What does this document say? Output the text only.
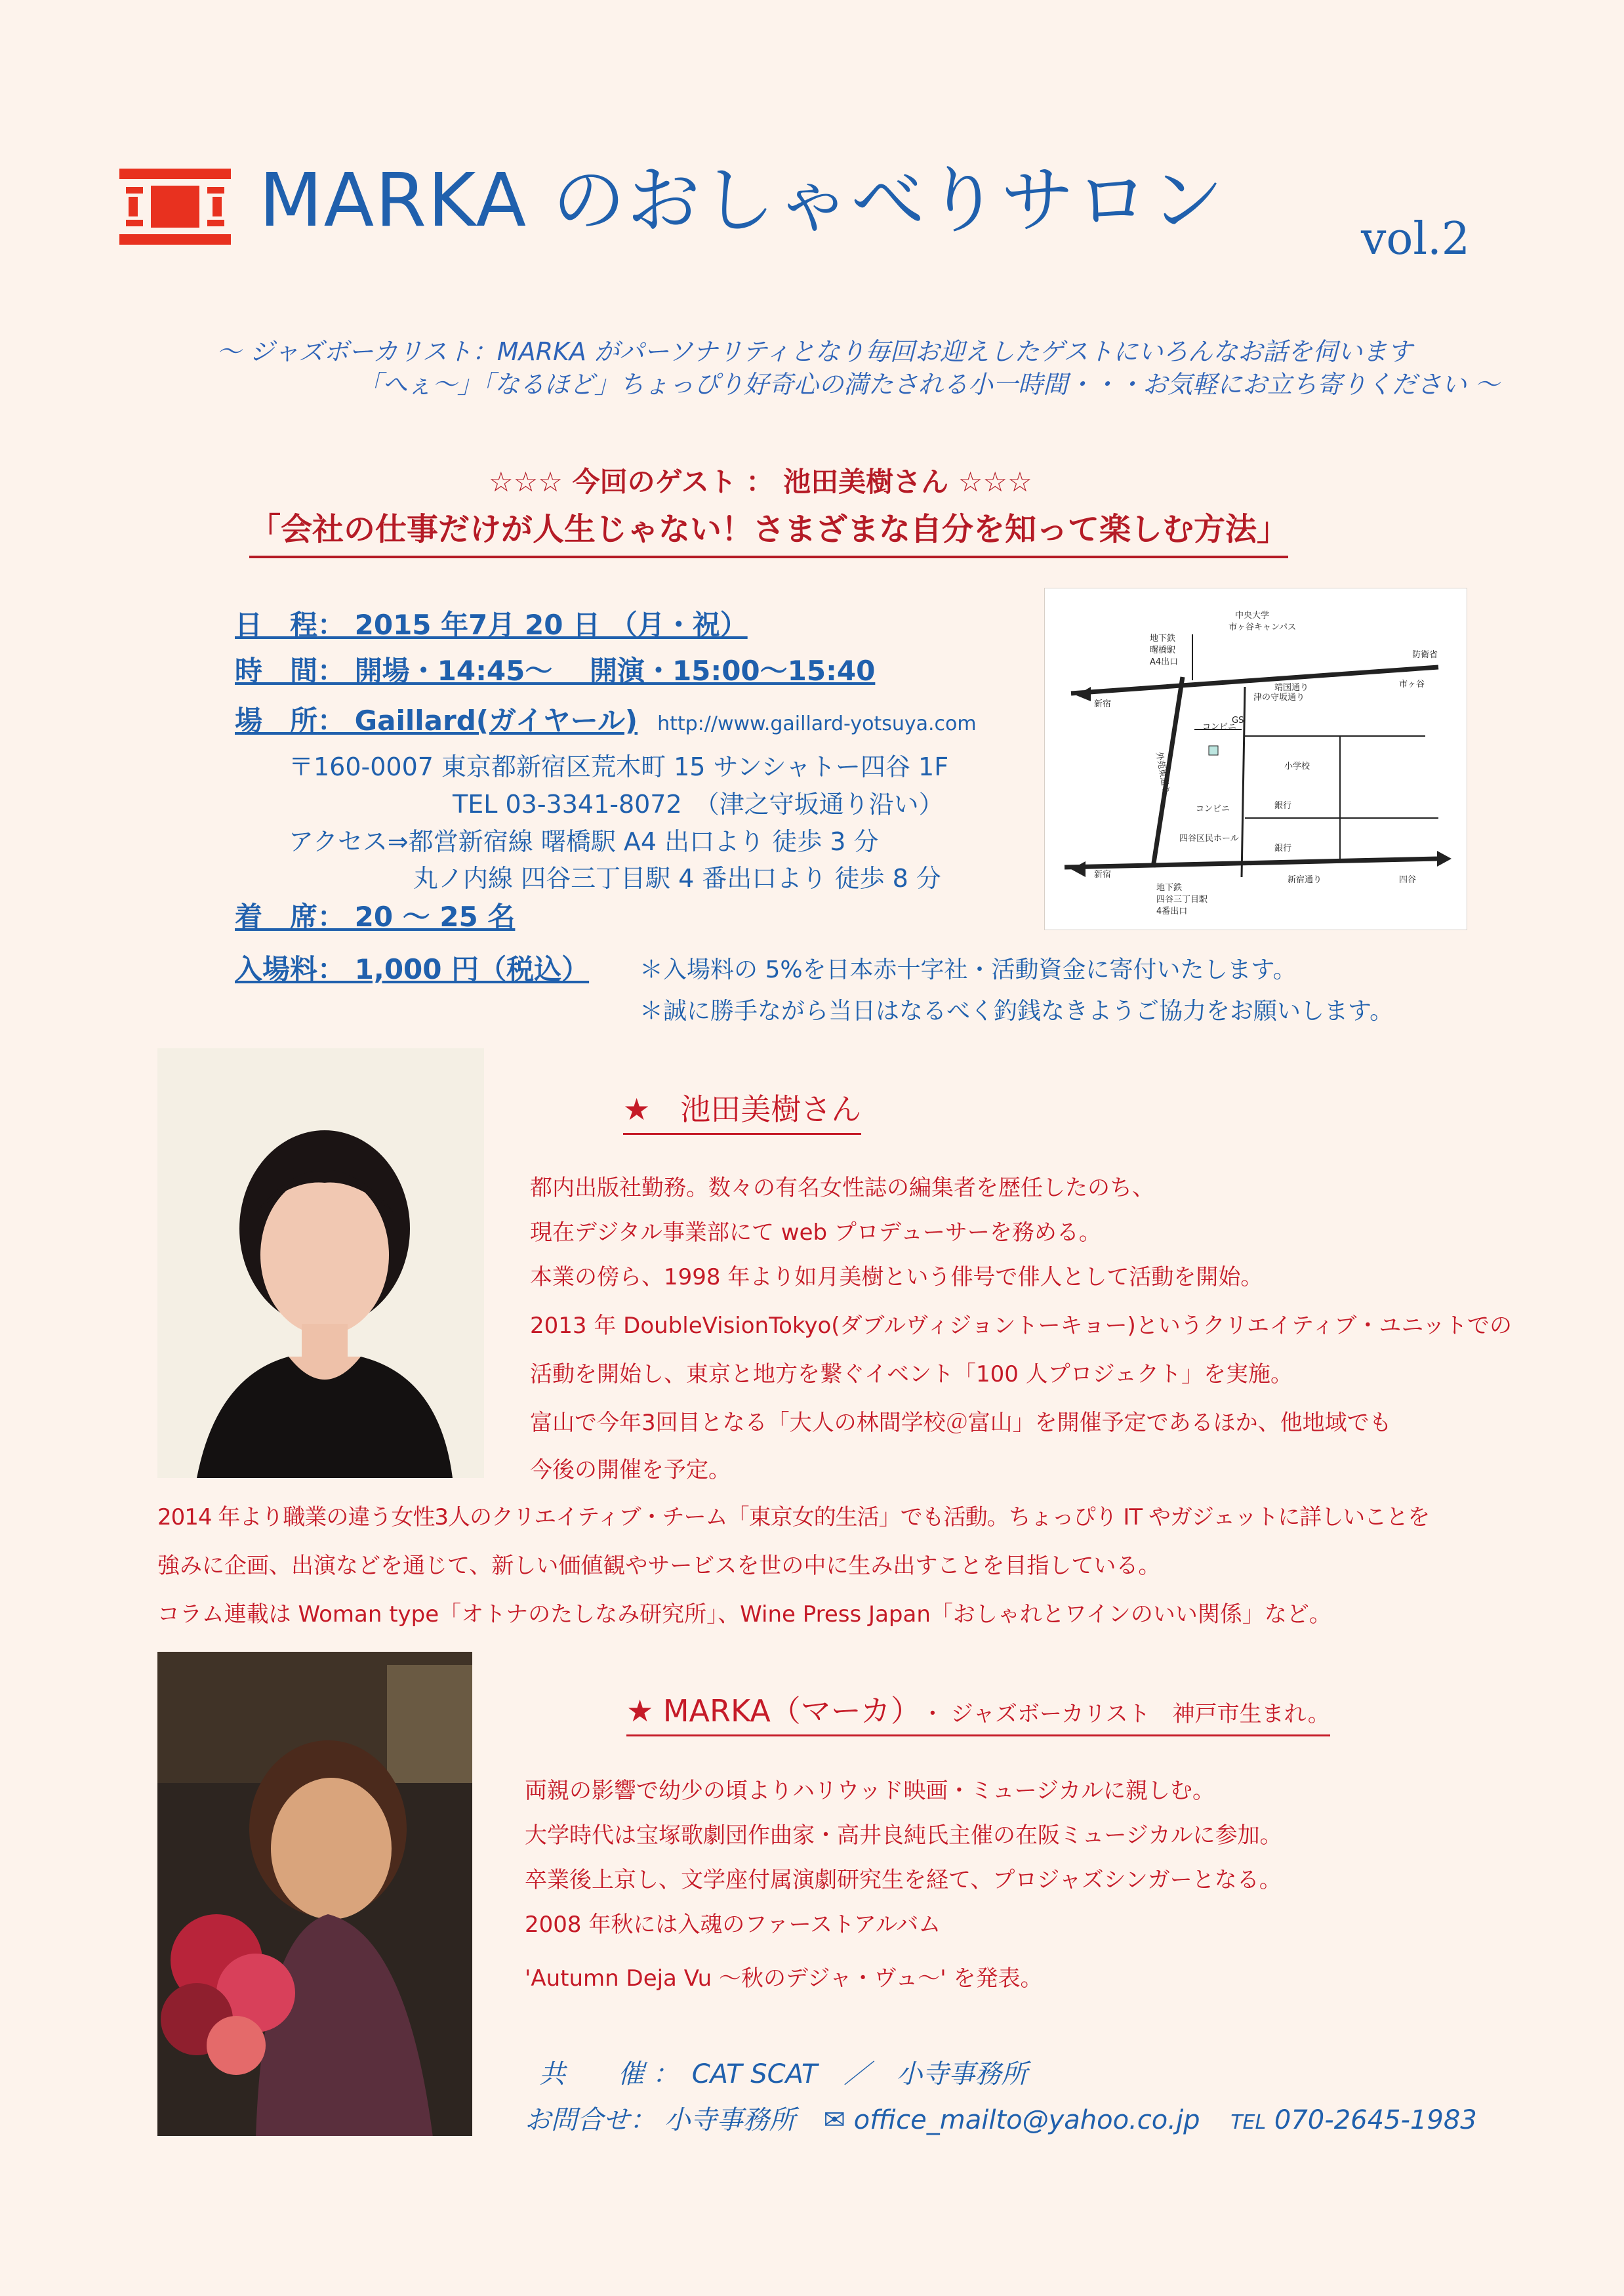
MARKA のおしゃべりサロン	vol.2
～ ジャズボーカリスト：MARKA がパーソナリティとなり毎回お迎えしたゲストにいろんなお話を伺います
「へぇ～」「なるほど」ちょっぴり好奇心の満たされる小一時間・・・お気軽にお立ち寄りください ～
☆☆☆ 今回のゲスト ： 池田美樹さん ☆☆☆
「会社の仕事だけが人生じゃない！さまざまな自分を知って楽しむ方法」
日　程： 2015 年7月 20 日 （月・祝）
時　間： 開場・14:45～　 開演・15:00～15:40
場　所： Gaillard(ガイヤール) http://www.gaillard-yotsuya.com
〒160-0007 東京都新宿区荒木町 15 サンシャトー四谷 1F
TEL 03-3341-8072　（津之守坂通り沿い）
アクセス⇒都営新宿線 曙橋駅 A4 出口より 徒歩 3 分
丸ノ内線 四谷三丁目駅 4 番出口より 徒歩 8 分
着　席： 20 ～ 25 名
入場料： 1,000 円（税込） ＊入場料の 5%を日本赤十字社・活動資金に寄付いたします。
＊誠に勝手ながら当日はなるべく釣銭なきようご協力をお願いします。
地下鉄
曙橋駅
A4出口
中央大学
市ヶ谷キャンパス
防衛省
靖国通り	市ヶ谷
新宿
新宿
外苑東通り
津の守坂通り
GS
コンビニ
コンビニ
小学校
四谷区民ホール
銀行
銀行
新宿通り	四谷
地下鉄
四谷三丁目駅
4番出口
★　池田美樹さん
都内出版社勤務。数々の有名女性誌の編集者を歴任したのち、
現在デジタル事業部にて web プロデューサーを務める。
本業の傍ら、1998 年より如月美樹という俳号で俳人として活動を開始。
2013 年 DoubleVisionTokyo(ダブルヴィジョントーキョー)というクリエイティブ・ユニットでの
活動を開始し、東京と地方を繋ぐイベント「100 人プロジェクト」を実施。
富山で今年3回目となる「大人の林間学校＠富山」を開催予定であるほか、他地域でも
今後の開催を予定。
2014 年より職業の違う女性3人のクリエイティブ・チーム「東京女的生活」でも活動。ちょっぴり IT やガジェットに詳しいことを
強みに企画、出演などを通じて、新しい価値観やサービスを世の中に生み出すことを目指している。
コラム連載は Woman type「オトナのたしなみ研究所」、Wine Press Japan「おしゃれとワインのいい関係」など。
★ MARKA（マーカ） ・ ジャズボーカリスト　神戸市生まれ。
両親の影響で幼少の頃よりハリウッド映画・ミュージカルに親しむ。
大学時代は宝塚歌劇団作曲家・高井良純氏主催の在阪ミュージカルに参加。
卒業後上京し、文学座付属演劇研究生を経て、プロジャズシンガーとなる。
2008 年秋には入魂のファーストアルバム
'Autumn Deja Vu ～秋のデジャ・ヴュ～' を発表。
共　　催 ：　CAT SCAT　／　小寺事務所
お問合せ： 小寺事務所 ✉ office_mailto@yahoo.co.jp TEL 070-2645-1983
